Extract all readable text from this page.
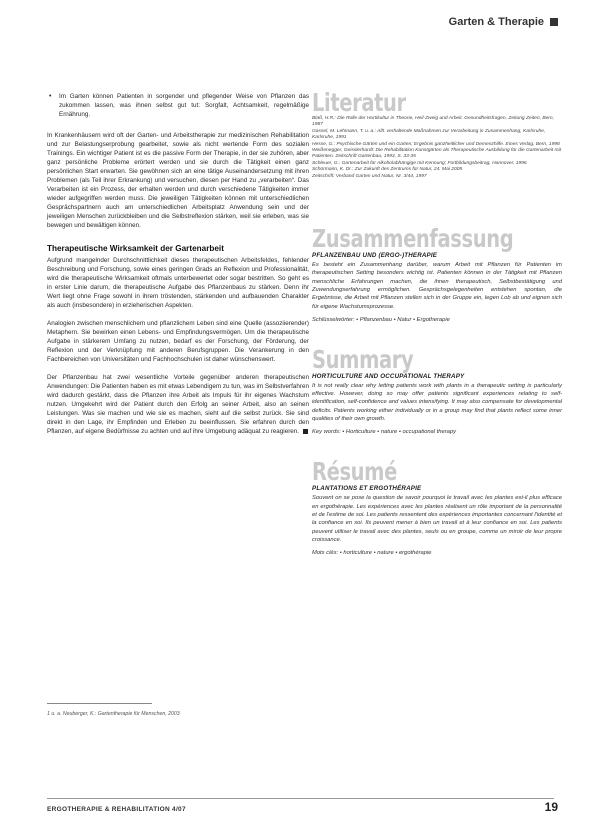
Garten & Therapie
• Im Garten können Patienten in sorgender und pflegender Weise von Pflanzen das zukommen lassen, was ihnen selbst gut tut: Sorgfalt, Achtsamkeit, regelmäßige Ernährung.

In Krankenhäusern wird oft der Garten- und Arbeitstherapie zur medizinischen Rehabilitation und zur Belastungserprobung gearbeitet, sowie als nicht wertende Form des sozialen Trainings. Ein wichtiger Patient ist es die passive Form der Therapie, in der sie zuhören, aber ganz persönliche Probleme erörtert werden und sie durch die Tätigkeit einen ganz persönlichen Start erwarten. Sie gewöhnen sich an eine tätige Auseinandersetzung mit ihren Problemen (als Teil ihrer Erkrankung) und versuchen, diesen per Hand zu „verarbeiten“. Das Verarbeiten ist ein Prozess, der erhalten werden und durch verschiedene Tätigkeiten immer wieder aufgegriffen werden muss. Die jeweiligen Tätigkeiten können mit unterschiedlichen Gesprächspartnern auch am unterschiedlichen Arbeitsplatz Anwendung sein und der jeweiligen Menschen zurückbleiben und die Selbstreflexion stärken, weil sie erleben, was sie bewegen und bewältigen können.

Therapeutische Wirksamkeit der Gartenarbeit

Aufgrund mangelnder Durchschnittlichkeit dieses therapeutischen Arbeitsfeldes, fehlender Beschreibung und Forschung, sowie eines geringen Grads an Reflexion und Professionalität, wird die therapeutische Wirksamkeit oftmals unterbewertet oder sogar bestritten. So geht es in erster Linie darum, die therapeutische Aufgabe des Pflanzenbaus zu stärken. Denn ihr Wert liegt ohne Frage sowohl in ihrem tröstenden, stärkenden und aufbauenden Charakter als auch (insbesondere) in erzieherischen Aspekten.

Analogien zwischen menschlichem und pflanzlichem Leben sind eine Quelle (assoziierender) Metaphern. Sie bewirken einen Lebens- und Empfindungsvermögen. Um die therapeutische Aufgabe in stärkerem Umfang zu nutzen, bedarf es der Forschung, der Förderung, der Reflexion und der Verknüpfung mit anderen Berufsgruppen. Die Verankerung in den Fachbereichen von Universitäten und Fachhochschulen ist daher wünschenswert.

Der Pflanzenbau hat zwei wesentliche Vorteile gegenüber anderen therapeutischen Anwendungen: Die Patienten haben es mit etwas Lebendigem zu tun, was im Selbstverfahren wird dadurch gestärkt, dass die Pflanzen ihre Arbeit als Impuls für ihr eigenes Wachstum nutzen. Umgekehrt wird der Patient durch den Erfolg an seiner Arbeit, also an seinen Leistungen. Was sie machen und wie sie es machen, sieht auf die selbst zurück. Sie sind direkt in den Lage, ihr Empfinden und Erleben zu beeinflussen. Sie erfahren durch den Pflanzen, auf eigene Bedürfnisse zu achten und auf ihre Umgebung adäquat zu reagieren.

1 u. a. Neuberger, K.: Gartentherapie für Menschen, 2003
Literatur
Blaß, H.R.: Die Rolle der Hortikultur in Theorie, Heil-Zweig und Arbeit. Gesundheitsfragen, Zeitung Zeiten, Bern, 1987
Gassel, M. Lehmann, T. u. a.: Allt. verhaltende Maßnahmen zur Verarbeitung in Zusammenhang, Karlsruhe, Karlsruhe, 1991
Hesse, G.: Psychische Gärten und ein Garten; Ergebnis ganzheitlicher und Demenzhilfe. Eines Verlag, Bern, 1998
Weißenegger, Geisslerhardt: Die Rehabilitation Kunstgärten als Therapeutische Ausbildung für die Gartenarbeit mit Patienten. Zeitschrift Gartenbau, 1993, S. 33-35
Schleuer, G.: Gartenarbeit für Alkoholabhängige mit Kennung; Fortbildungsbeitrag, Hannover, 1996
Schürmann, K. Dr.: Zur Zukunft des Zentrums für Natur, 24. Mai 2005
Zeitschrift: Verband Garten und Natur, Nr. 3/44, 1997
Zusammenfassung
PFLANZENBAU UND (ERGO-)THERAPIE

Es besteht ein Zusammenhang darüber, warum Arbeit mit Pflanzen für Patienten im therapeutischen Setting besonders wichtig ist. Patienten können in der Tätigkeit mit Pflanzen menschliche Erfahrungen machen, die ihnen therapeutisch, Selbstbestätigung und Zuwendungserfahrung ermöglichen. Gesprächsgelegenheiten entstehen spontan, die Ergebnisse, die Arbeit mit Pflanzen stellen sich in der Gruppe ein, legen Lob ab und eignen sich für eigene Wachstumsprozesse.

Schlüsselwörter: • Pflanzenbau • Natur • Ergotherapie
Summary
HORTICULTURE AND OCCUPATIONAL THERAPY

It is not really clear why letting patients work with plants in a therapeutic setting is particularly effective. However, doing so may offer patients significant experiences relating to self-identification, self-confidence and values intensifying. It may also compensate for developmental deficits. Patients working either individually or in a group may find that plants reflect some inner qualities of their own growth.

Key words: • Horticulture • nature • occupational therapy
Résumé
PLANTATIONS ET ERGOTHÉRAPIE

Souvent on se pose la question de savoir pourquoi le travail avec les plantes est-il plus efficace en ergothérapie. Les expériences avec les plantes réalisent un rôle important de la personnalité et de l'estime de soi. Les patients ressentent des expériences importantes concernant l'identité et la confiance en soi. Ils peuvent mener à bien un travail et à leur confiance en soi. Les patients peuvent utiliser le travail avec des plantes, seuls ou en groupe, comme un miroir de leur propre croissance.

Mots clés: • horticulture • nature • ergothérapie
ERGOTHERAPIE & REHABILITATION 4/07	19
